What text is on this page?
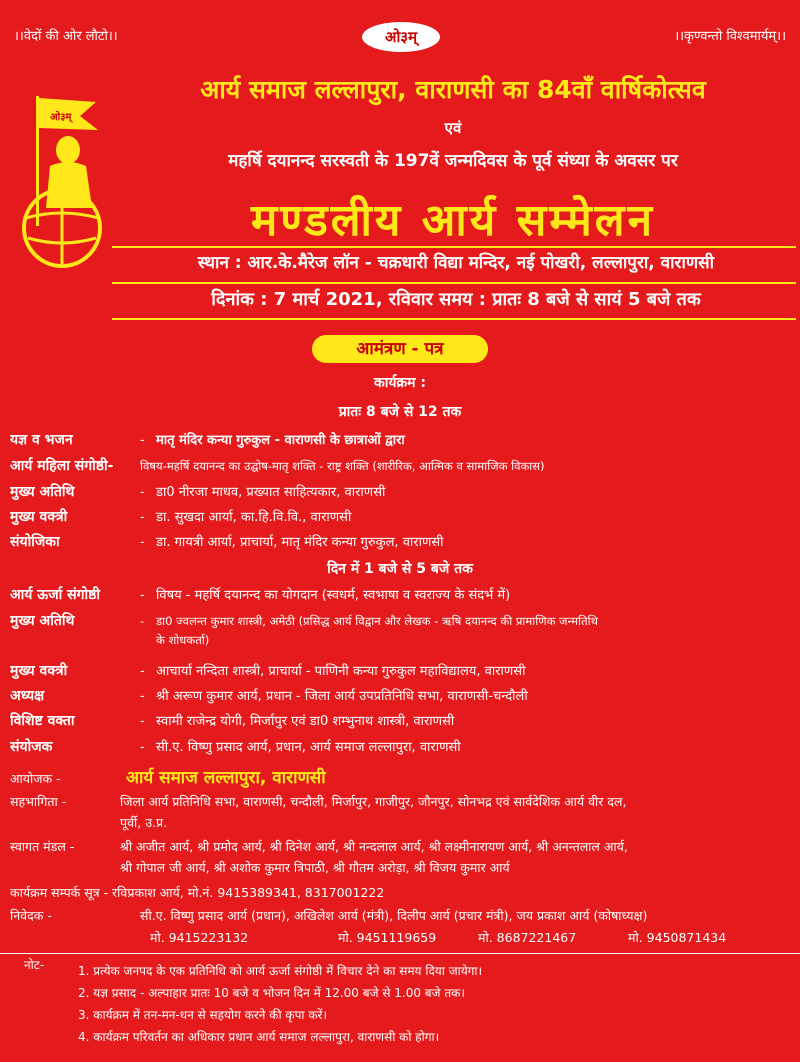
।।वेदों की ओर लौटो।।	ओ३म्	।।कृण्वन्तो विश्वमार्यम्।।
ओ३म्
आर्य समाज लल्लापुरा, वाराणसी का 84वाँ वार्षिकोत्सव
एवं
महर्षि दयानन्द सरस्वती के 197वें जन्मदिवस के पूर्व संध्या के अवसर पर
मण्डलीय आर्य सम्मेलन
स्थान : आर.के.मैरेज लॉन - चक्रधारी विद्या मन्दिर, नई पोखरी, लल्लापुरा, वाराणसी
दिनांक : 7 मार्च 2021, रविवार समय : प्रातः 8 बजे से सायं 5 बजे तक
आमंत्रण - पत्र
कार्यक्रम :
प्रातः 8 बजे से 12 तक
यज्ञ व भजन	- मातृ मंदिर कन्या गुरुकुल - वाराणसी के छात्राओं द्वारा
आर्य महिला संगोष्ठी- विषय-महर्षि दयानन्द का उद्घोष-मातृ शक्ति - राष्ट्र शक्ति (शारीरिक, आत्मिक व सामाजिक विकास)
मुख्य अतिथि	- डा0 नीरजा माधव, प्रख्यात साहित्यकार, वाराणसी
मुख्य वक्त्री	- डा. सुखदा आर्या, का.हि.वि.वि., वाराणसी
संयोजिका	- डा. गायत्री आर्या, प्राचार्या, मातृ मंदिर कन्या गुरुकुल, वाराणसी
दिन में 1 बजे से 5 बजे तक
आर्य ऊर्जा संगोष्ठी	- विषय - महर्षि दयानन्द का योगदान (स्वधर्म, स्वभाषा व स्वराज्य के संदर्भ में)
मुख्य अतिथि	- डा0 ज्वलन्त कुमार शास्त्री, अमेठी (प्रसिद्ध आर्य विद्वान और लेखक - ऋषि दयानन्द की प्रामाणिक जन्मतिथि
के शोधकर्ता)
मुख्य वक्त्री	- आचार्या नन्दिता शास्त्री, प्राचार्या - पाणिनी कन्या गुरुकुल महाविद्यालय, वाराणसी
अध्यक्ष	- श्री अरूण कुमार आर्य, प्रधान - जिला आर्य उपप्रतिनिधि सभा, वाराणसी-चन्दौली
विशिष्ट वक्ता	- स्वामी राजेन्द्र योगी, मिर्जापुर एवं डा0 शम्भुनाथ शास्त्री, वाराणसी
संयोजक	- सी.ए. विष्णु प्रसाद आर्य, प्रधान, आर्य समाज लल्लापुरा, वाराणसी
आयोजक -	आर्य समाज लल्लापुरा, वाराणसी
सहभागिता -	जिला आर्य प्रतिनिधि सभा, वाराणसी, चन्दौली, मिर्जापुर, गाजीपुर, जौनपुर, सोनभद्र एवं सार्वदेशिक आर्य वीर दल,
पूर्वी, उ.प्र.
स्वागत मंडल -	श्री अजीत आर्य, श्री प्रमोद आर्य, श्री दिनेश आर्य, श्री नन्दलाल आर्य, श्री लक्ष्मीनारायण आर्य, श्री अनन्तलाल आर्य,
श्री गोपाल जी आर्य, श्री अशोक कुमार त्रिपाठी, श्री गौतम अरोड़ा, श्री विजय कुमार आर्य
कार्यक्रम सम्पर्क सूत्र - रविप्रकाश आर्य, मो.नं. 9415389341, 8317001222
निवेदक -	सी.ए. विष्णु प्रसाद आर्य (प्रधान), अखिलेश आर्य (मंत्री), दिलीप आर्य (प्रचार मंत्री), जय प्रकाश आर्य (कोषाध्यक्ष)
मो. 9415223132	मो. 9451119659	मो. 8687221467	मो. 9450871434
नोट-	1. प्रत्येक जनपद के एक प्रतिनिधि को आर्य ऊर्जा संगोष्ठी में विचार देने का समय दिया जायेगा।
2. यज्ञ प्रसाद - अल्पाहार प्रातः 10 बजे व भोजन दिन में 12.00 बजे से 1.00 बजे तक।
3. कार्यक्रम में तन-मन-धन से सहयोग करने की कृपा करें।
4. कार्यक्रम परिवर्तन का अधिकार प्रधान आर्य समाज लल्लापुरा, वाराणसी को होगा।
